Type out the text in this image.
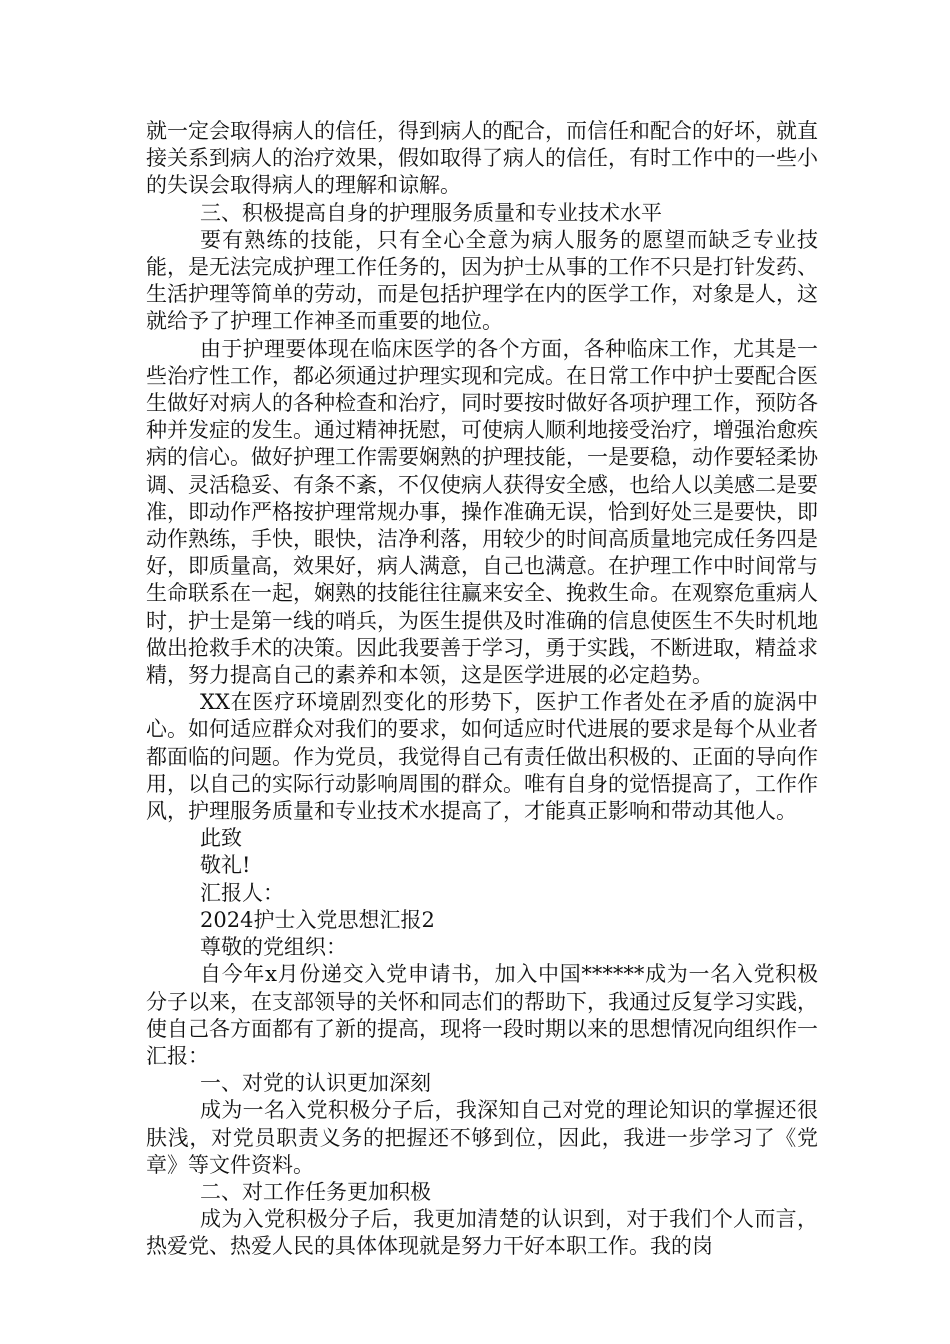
就一定会取得病人的信任，得到病人的配合，而信任和配合的好坏，就直接关系到病人的治疗效果，假如取得了病人的信任，有时工作中的一些小的失误会取得病人的理解和谅解。

三、积极提高自身的护理服务质量和专业技术水平

要有熟练的技能，只有全心全意为病人服务的愿望而缺乏专业技能，是无法完成护理工作任务的，因为护士从事的工作不只是打针发药、生活护理等简单的劳动，而是包括护理学在内的医学工作，对象是人，这就给予了护理工作神圣而重要的地位。

由于护理要体现在临床医学的各个方面，各种临床工作，尤其是一些治疗性工作，都必须通过护理实现和完成。在日常工作中护士要配合医生做好对病人的各种检查和治疗，同时要按时做好各项护理工作，预防各种并发症的发生。通过精神抚慰，可使病人顺利地接受治疗，增强治愈疾病的信心。做好护理工作需要娴熟的护理技能，一是要稳，动作要轻柔协调、灵活稳妥、有条不紊，不仅使病人获得安全感，也给人以美感二是要准，即动作严格按护理常规办事，操作准确无误，恰到好处三是要快，即动作熟练，手快，眼快，洁净利落，用较少的时间高质量地完成任务四是好，即质量高，效果好，病人满意，自己也满意。在护理工作中时间常与生命联系在一起，娴熟的技能往往赢来安全、挽救生命。在观察危重病人时，护士是第一线的哨兵，为医生提供及时准确的信息使医生不失时机地做出抢救手术的决策。因此我要善于学习，勇于实践，不断进取，精益求精，努力提高自己的素养和本领，这是医学进展的必定趋势。

XX在医疗环境剧烈变化的形势下，医护工作者处在矛盾的旋涡中心。如何适应群众对我们的要求，如何适应时代进展的要求是每个从业者都面临的问题。作为党员，我觉得自己有责任做出积极的、正面的导向作用，以自己的实际行动影响周围的群众。唯有自身的觉悟提高了，工作作风，护理服务质量和专业技术水提高了，才能真正影响和带动其他人。

此致

敬礼!

汇报人：

2024护士入党思想汇报2

尊敬的党组织：

自今年x月份递交入党申请书，加入中国******成为一名入党积极分子以来，在支部领导的关怀和同志们的帮助下，我通过反复学习实践，使自己各方面都有了新的提高，现将一段时期以来的思想情况向组织作一汇报：

一、对党的认识更加深刻

成为一名入党积极分子后，我深知自己对党的理论知识的掌握还很肤浅，对党员职责义务的把握还不够到位，因此，我进一步学习了《党章》等文件资料。

二、对工作任务更加积极

成为入党积极分子后，我更加清楚的认识到，对于我们个人而言，热爱党、热爱人民的具体体现就是努力干好本职工作。我的岗
